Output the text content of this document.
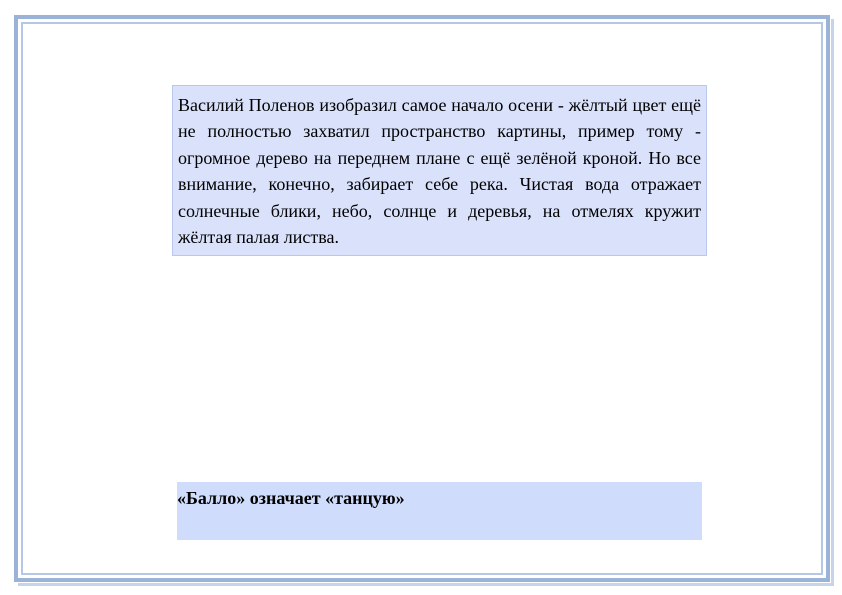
Василий Поленов изобразил самое начало осени - жёлтый цвет ещё не полностью захватил пространство картины, пример тому - огромное дерево на переднем плане с ещё зелёной кроной. Но все внимание, конечно, забирает себе река. Чистая вода отражает солнечные блики, небо, солнце и деревья, на отмелях кружит жёлтая палая листва.
«Балло» означает «танцую»
